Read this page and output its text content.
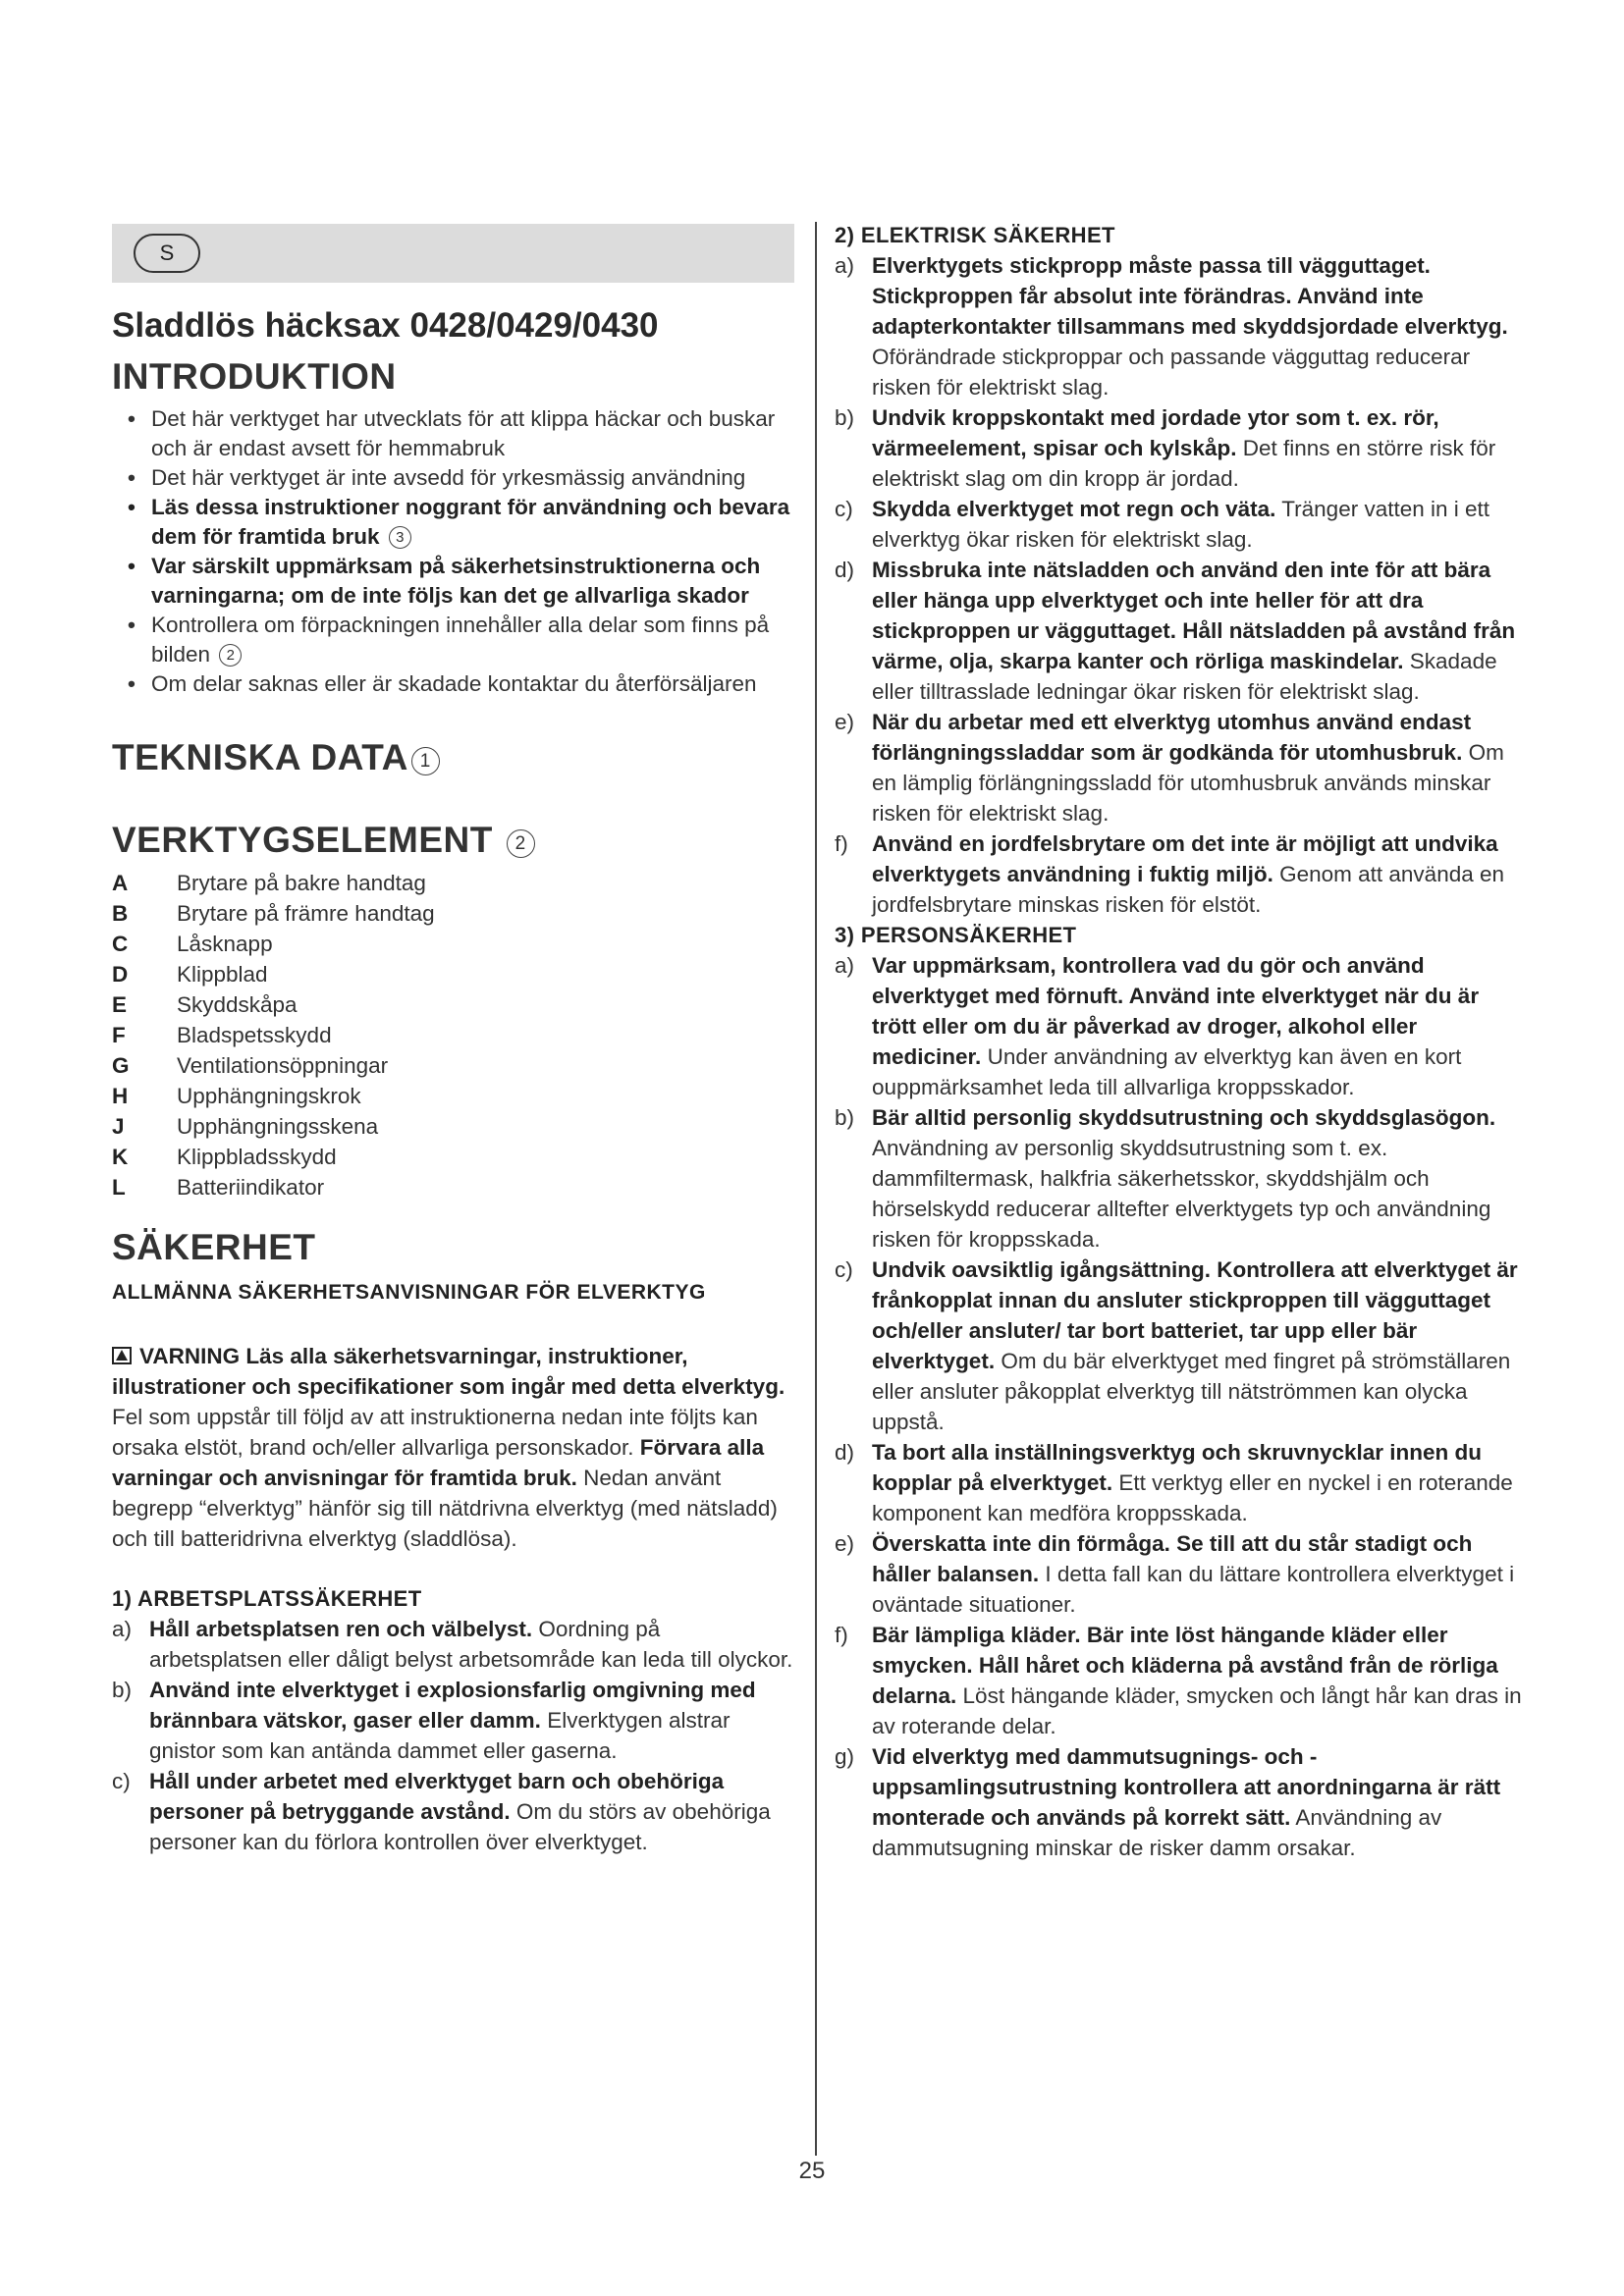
S
Sladdlös häcksax 0428/0429/0430
INTRODUKTION
• Det här verktyget har utvecklats för att klippa häckar och buskar och är endast avsett för hemmabruk
• Det här verktyget är inte avsedd för yrkesmässig användning
• Läs dessa instruktioner noggrant för användning och bevara dem för framtida bruk 3
• Var särskilt uppmärksam på säkerhetsinstruktionerna och varningarna; om de inte följs kan det ge allvarliga skador
• Kontrollera om förpackningen innehåller alla delar som finns på bilden 2
• Om delar saknas eller är skadade kontaktar du återförsäljaren
TEKNISKA DATA 1
VERKTYGSELEMENT 2
A	Brytare på bakre handtag
B	Brytare på främre handtag
C	Låsknapp
D	Klippblad
E	Skyddskåpa
F	Bladspetsskydd
G	Ventilationsöppningar
H	Upphängningskrok
J	Upphängningsskena
K	Klippbladsskydd
L	Batteriindikator
SÄKERHET
ALLMÄNNA SÄKERHETSANVISNINGAR FÖR ELVERKTYG
VARNING Läs alla säkerhetsvarningar, instruktioner, illustrationer och specifikationer som ingår med detta elverktyg. Fel som uppstår till följd av att instruktionerna nedan inte följts kan orsaka elstöt, brand och/eller allvarliga personskador. Förvara alla varningar och anvisningar för framtida bruk. Nedan använt begrepp “elverktyg” hänför sig till nätdrivna elverktyg (med nätsladd) och till batteridrivna elverktyg (sladdlösa).
1) ARBETSPLATSSÄKERHET
a) Håll arbetsplatsen ren och välbelyst. Oordning på arbetsplatsen eller dåligt belyst arbetsområde kan leda till olyckor.
b) Använd inte elverktyget i explosionsfarlig omgivning med brännbara vätskor, gaser eller damm. Elverktygen alstrar gnistor som kan antända dammet eller gaserna.
c) Håll under arbetet med elverktyget barn och obehöriga personer på betryggande avstånd. Om du störs av obehöriga personer kan du förlora kontrollen över elverktyget.
2) ELEKTRISK SÄKERHET
a) Elverktygets stickpropp måste passa till vägguttaget. Stickproppen får absolut inte förändras. Använd inte adapterkontakter tillsammans med skyddsjordade elverktyg. Oförändrade stickproppar och passande vägguttag reducerar risken för elektriskt slag.
b) Undvik kroppskontakt med jordade ytor som t. ex. rör, värmeelement, spisar och kylskåp. Det finns en större risk för elektriskt slag om din kropp är jordad.
c) Skydda elverktyget mot regn och väta. Tränger vatten in i ett elverktyg ökar risken för elektriskt slag.
d) Missbruka inte nätsladden och använd den inte för att bära eller hänga upp elverktyget och inte heller för att dra stickproppen ur vägguttaget. Håll nätsladden på avstånd från värme, olja, skarpa kanter och rörliga maskindelar. Skadade eller tilltrasslade ledningar ökar risken för elektriskt slag.
e) När du arbetar med ett elverktyg utomhus använd endast förlängningssladdar som är godkända för utomhusbruk. Om en lämplig förlängningssladd för utomhusbruk används minskar risken för elektriskt slag.
f)	Använd en jordfelsbrytare om det inte är möjligt att undvika elverktygets användning i fuktig miljö. Genom att använda en jordfelsbrytare minskas risken för elstöt.
3) PERSONSÄKERHET
a) Var uppmärksam, kontrollera vad du gör och använd elverktyget med förnuft. Använd inte elverktyget när du är trött eller om du är påverkad av droger, alkohol eller mediciner. Under användning av elverktyg kan även en kort ouppmärksamhet leda till allvarliga kroppsskador.
b) Bär alltid personlig skyddsutrustning och skyddsglasögon. Användning av personlig skyddsutrustning som t. ex. dammfiltermask, halkfria säkerhetsskor, skyddshjälm och hörselskydd reducerar alltefter elverktygets typ och användning risken för kroppsskada.
c) Undvik oavsiktlig igångsättning. Kontrollera att elverktyget är frånkopplat innan du ansluter stickproppen till vägguttaget och/eller ansluter/ tar bort batteriet, tar upp eller bär elverktyget. Om du bär elverktyget med fingret på strömställaren eller ansluter påkopplat elverktyg till nätströmmen kan olycka uppstå.
d) Ta bort alla inställningsverktyg och skruvnycklar innen du kopplar på elverktyget. Ett verktyg eller en nyckel i en roterande komponent kan medföra kroppsskada.
e) Överskatta inte din förmåga. Se till att du står stadigt och håller balansen. I detta fall kan du lättare kontrollera elverktyget i oväntade situationer.
f)	Bär lämpliga kläder. Bär inte löst hängande kläder eller smycken. Håll håret och kläderna på avstånd från de rörliga delarna. Löst hängande kläder, smycken och långt hår kan dras in av roterande delar.
g) Vid elverktyg med dammutsugnings- och -uppsamlingsutrustning kontrollera att anordningarna är rätt monterade och används på korrekt sätt. Användning av dammutsugning minskar de risker damm orsakar.
25
